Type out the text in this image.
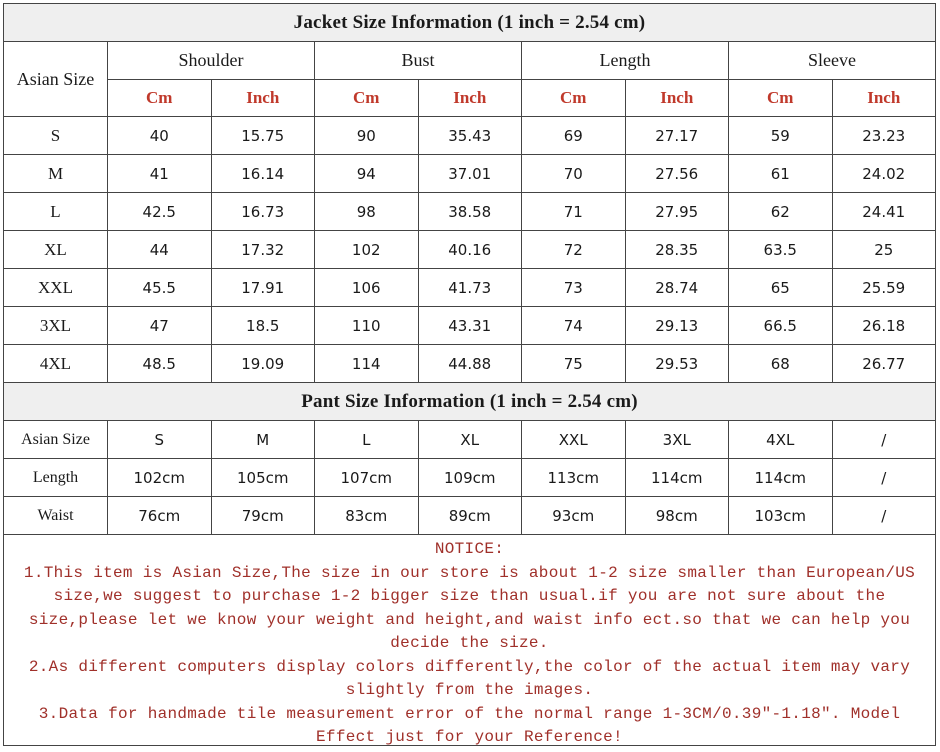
Jacket Size Information (1 inch = 2.54 cm)								
Asian Size	Shoulder		Bust		Length		Sleeve	
	Cm	Inch	Cm	Inch	Cm	Inch	Cm	Inch
S	40	15.75	90	35.43	69	27.17	59	23.23
M	41	16.14	94	37.01	70	27.56	61	24.02
L	42.5	16.73	98	38.58	71	27.95	62	24.41
XL	44	17.32	102	40.16	72	28.35	63.5	25
XXL	45.5	17.91	106	41.73	73	28.74	65	25.59
3XL	47	18.5	110	43.31	74	29.13	66.5	26.18
4XL	48.5	19.09	114	44.88	75	29.53	68	26.77
Pant Size Information (1 inch = 2.54 cm)								
Asian Size	S	M	L	XL	XXL	3XL	4XL	/
Length	102cm	105cm	107cm	109cm	113cm	114cm	114cm	/
Waist	76cm	79cm	83cm	89cm	93cm	98cm	103cm	/

NOTICE:

1.This item is Asian Size,The size in our store is about 1-2 size smaller than European/US size,we suggest to purchase 1-2 bigger size than usual.if you are not sure about the size,please let we know your weight and height,and waist info ect.so that we can help you decide the size.

2.As different computers display colors differently,the color of the actual item may vary slightly from the images.

3.Data for handmade tile measurement error of the normal range 1-3CM/0.39"-1.18". Model Effect just for your Reference!
